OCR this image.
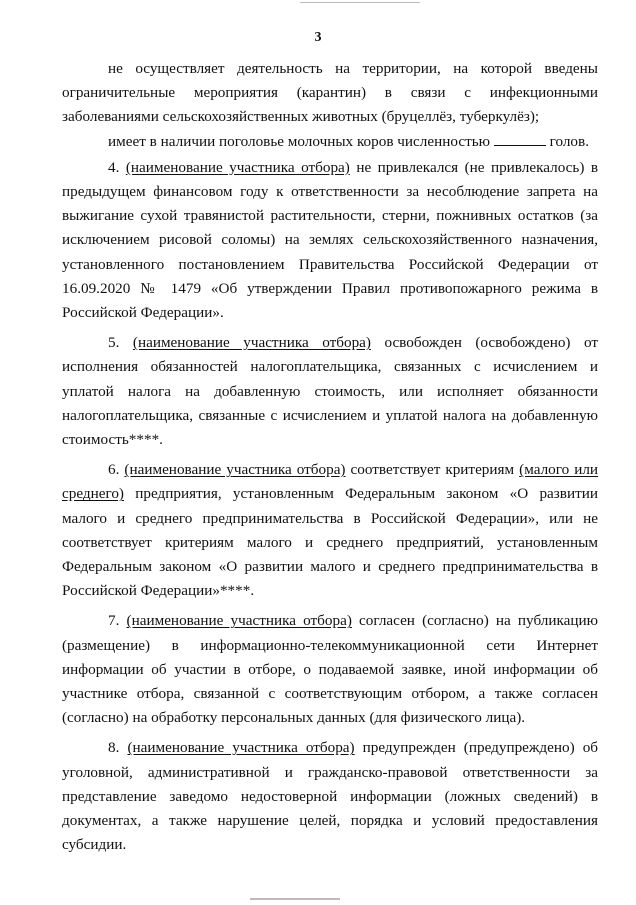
3

не осуществляет деятельность на территории, на которой введены ограничительные мероприятия (карантин) в связи с инфекционными заболеваниями сельскохозяйственных животных (бруцеллёз, туберкулёз);

имеет в наличии поголовье молочных коров численностью	голов.

4. (наименование участника отбора) не привлекался (не привлекалось) в предыдущем финансовом году к ответственности за несоблюдение запрета на выжигание сухой травянистой растительности, стерни, пожнивных остатков (за исключением рисовой соломы) на землях сельскохозяйственного назначения, установленного постановлением Правительства Российской Федерации от 16.09.2020 № 1479 «Об утверждении Правил противопожарного режима в Российской Федерации».

5. (наименование участника отбора) освобожден (освобождено) от исполнения обязанностей налогоплательщика, связанных с исчислением и уплатой налога на добавленную стоимость, или исполняет обязанности налогоплательщика, связанные с исчислением и уплатой налога на добавленную стоимость****.

6. (наименование участника отбора) соответствует критериям (малого или среднего) предприятия, установленным Федеральным законом «О развитии малого и среднего предпринимательства в Российской Федерации», или не соответствует критериям малого и среднего предприятий, установленным Федеральным законом «О развитии малого и среднего предпринимательства в Российской Федерации»****.

7. (наименование участника отбора) согласен (согласно) на публикацию (размещение) в информационно-телекоммуникационной сети Интернет информации об участии в отборе, о подаваемой заявке, иной информации об участнике отбора, связанной с соответствующим отбором, а также согласен (согласно) на обработку персональных данных (для физического лица).

8. (наименование участника отбора) предупрежден (предупреждено) об уголовной, административной и гражданско-правовой ответственности за представление заведомо недостоверной информации (ложных сведений) в документах, а также нарушение целей, порядка и условий предоставления субсидии.
